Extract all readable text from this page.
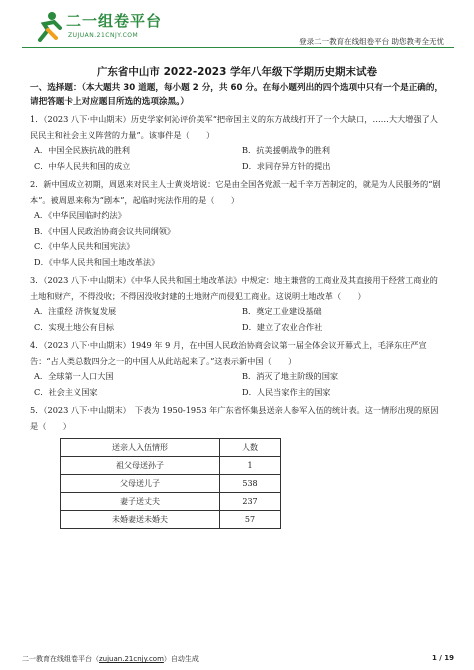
二一组卷平台
ZUJUAN.21CNJY.COM
登录二一教育在线组卷平台 助您教考全无忧
广东省中山市 2022-2023 学年八年级下学期历史期末试卷
一、选择题：（本大题共 30 道题，每小题 2 分，共 60 分。在每小题列出的四个选项中只有一个是正确的，请把答题卡上对应题目所选的选项涂黑。）
1．（2023 八下·中山期末）历史学家何沁评价美军“把帝国主义的东方战线打开了一个大缺口，……大大增强了人民民主和社会主义阵营的力量”。该事件是（　　）
A．中国全民族抗战的胜利	B．抗美援朝战争的胜利
C．中华人民共和国的成立	D．求同存异方针的提出
2．新中国成立初期，周恩来对民主人士黄炎培说：它是由全国各党派一起千辛万苦制定的，就是为人民服务的“剧本”。被周恩来称为“剧本”，起临时宪法作用的是（　　）
A．《中华民国临时约法》
B．《中国人民政治协商会议共同纲领》
C．《中华人民共和国宪法》
D．《中华人民共和国土地改革法》
3．（2023 八下·中山期末）《中华人民共和国土地改革法》中规定：地主兼营的工商业及其直接用于经营工商业的土地和财产，不得没收；不得因没收封建的土地财产而侵犯工商业。这说明土地改革（　　）
A．注重经 济恢复发展	B．奠定工业建设基础
C．实现土地公有目标	D．建立了农业合作社
4．（2023 八下·中山期末）1949 年 9 月，在中国人民政治协商会议第一届全体会议开幕式上，毛泽东庄严宣告：“占人类总数四分之一的中国人从此站起来了。”这表示新中国（　　）
A．全球第一人口大国	B．消灭了地主阶级的国家
C．社会主义国家	D．人民当家作主的国家
5．（2023 八下·中山期末）　下表为 1950-1953 年广东省怀集县送亲人参军入伍的统计表。这一情形出现的原因是（　　）
送亲人入伍情形	人数
祖父母送孙子	1
父母送儿子	538
妻子送丈夫	237
未婚妻送未婚夫	57
二一教育在线组卷平台（zujuan.21cnjy.com）自动生成	1 / 19
